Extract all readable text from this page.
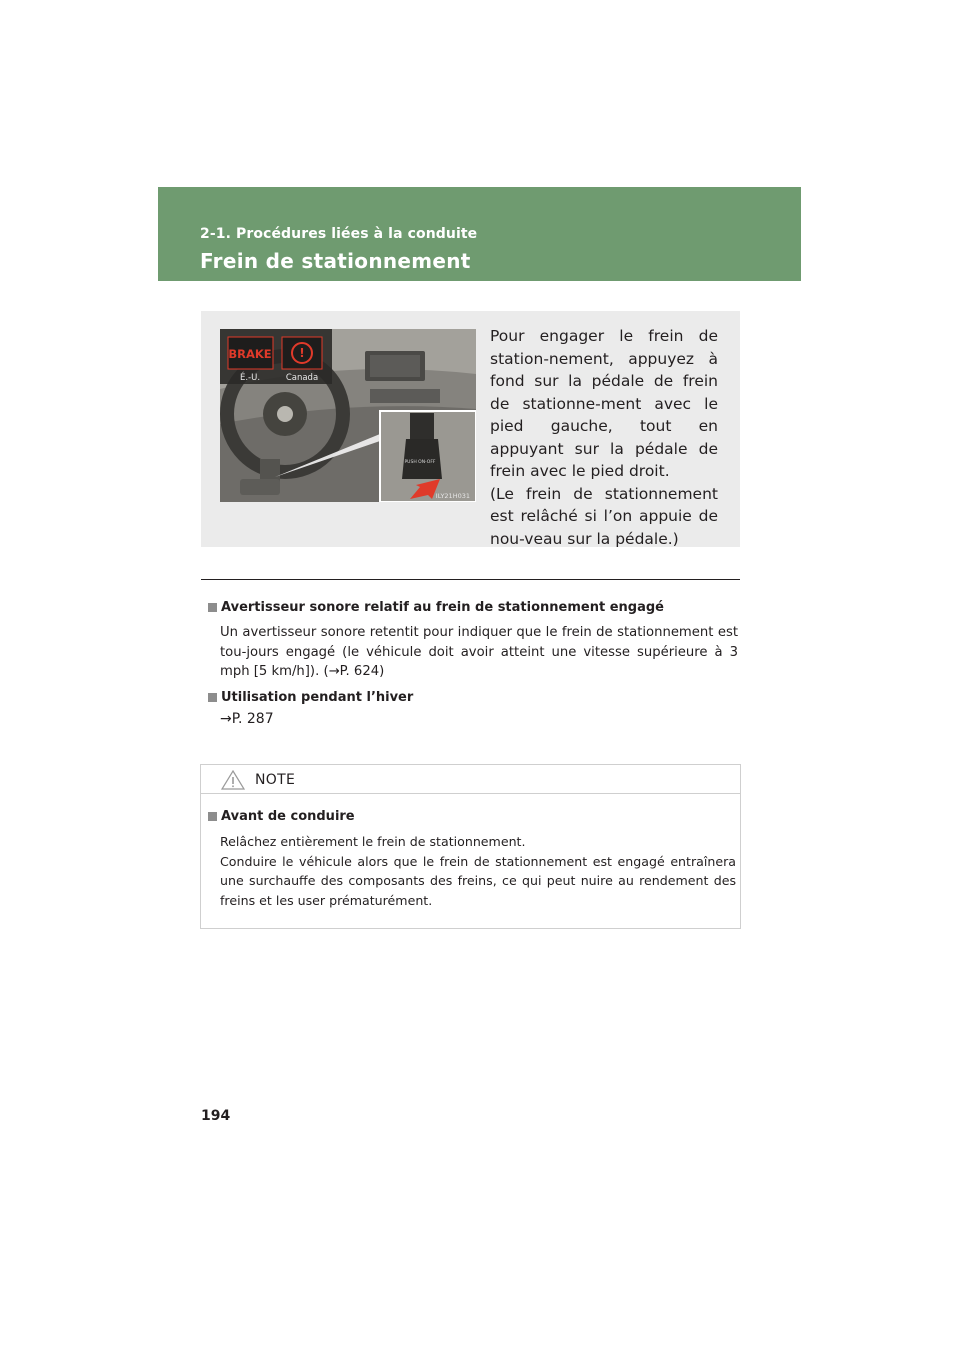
2-1. Procédures liées à la conduite
Frein de stationnement
!
BRAKE
É.-U.	Canada
PUSH ON-OFF
ILY21H031

Pour engager le frein de station-nement, appuyez à fond sur la pédale de frein de stationne-ment avec le pied gauche, tout en appuyant sur la pédale de frein avec le pied droit.

(Le frein de stationnement est relâché si l’on appuie de nou-veau sur la pédale.)

Avertisseur sonore relatif au frein de stationnement engagé
Un avertisseur sonore retentit pour indiquer que le frein de stationnement est tou-jours engagé (le véhicule doit avoir atteint une vitesse supérieure à 3 mph [5 km/h]). (→P. 624)
Utilisation pendant l’hiver
→P. 287
NOTE
Avant de conduire

Relâchez entièrement le frein de stationnement.

Conduire le véhicule alors que le frein de stationnement est engagé entraînera une surchauffe des composants des freins, ce qui peut nuire au rendement des freins et les user prématurément.

194
